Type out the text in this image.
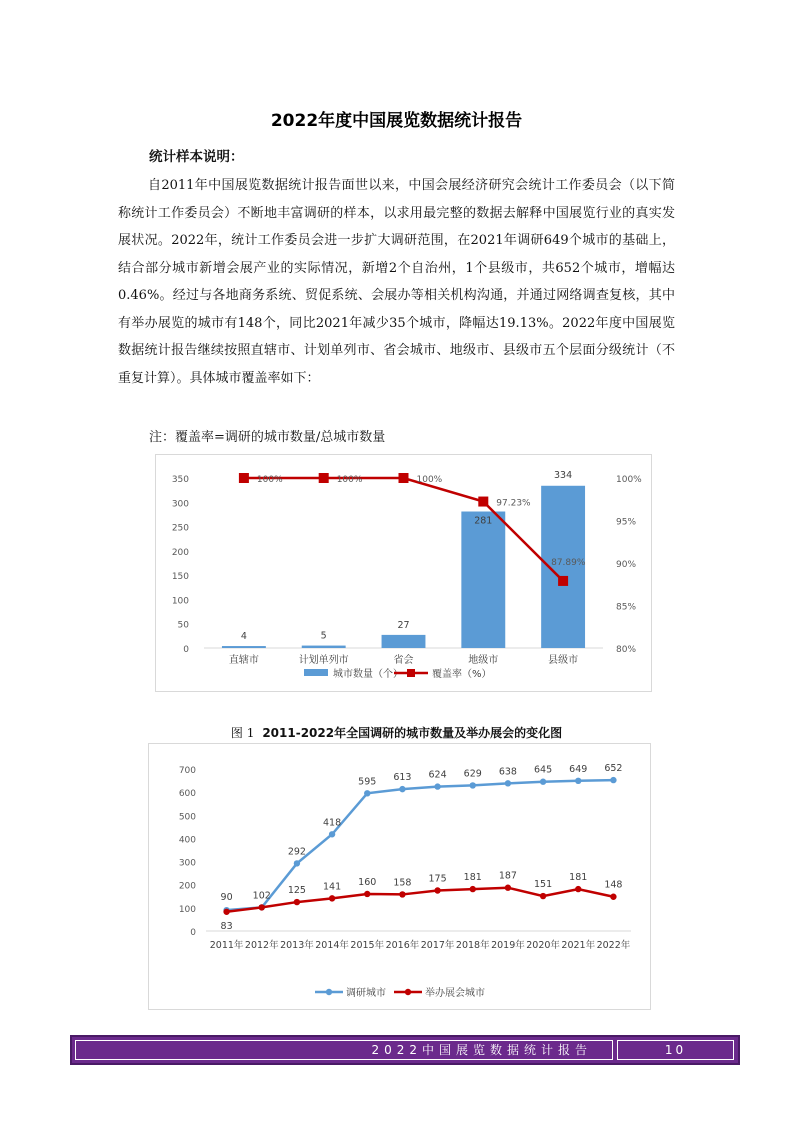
2022年度中国展览数据统计报告
统计样本说明：

自2011年中国展览数据统计报告面世以来，中国会展经济研究会统计工作委员会（以下简称统计工作委员会）不断地丰富调研的样本，以求用最完整的数据去解释中国展览行业的真实发展状况。2022年，统计工作委员会进一步扩大调研范围，在2021年调研649个城市的基础上，结合部分城市新增会展产业的实际情况，新增2个自治州，1个县级市，共652个城市，增幅达0.46%。经过与各地商务系统、贸促系统、会展办等相关机构沟通，并通过网络调查复核，其中有举办展览的城市有148个，同比2021年减少35个城市，降幅达19.13%。2022年度中国展览数据统计报告继续按照直辖市、计划单列市、省会城市、地级市、县级市五个层面分级统计（不重复计算）。具体城市覆盖率如下：

注：覆盖率=调研的城市数量/总城市数量
0
50
100
150
200
250
300
350
80%
85%
90%
95%
100%
4	5
27
281
334
100%	100%	100%
97.23%
87.89%
直辖市	计划单列市	省会	地级市	县级市
城市数量（个）	覆盖率（%）
图 1 2011-2022年全国调研的城市数量及举办展会的变化图
0
100
200
300
400
500
600
700
2011年 2012年 2013年 2014年 2015年 2016年 2017年 2018年 2019年 2020年 2021年 2022年
90 102
292
418
595 613 624 629 638 645 649 652
83
125 141 160 158 175 181 187
151
181
148
调研城市	举办展会城市
2022中国展览数据统计报告	10
